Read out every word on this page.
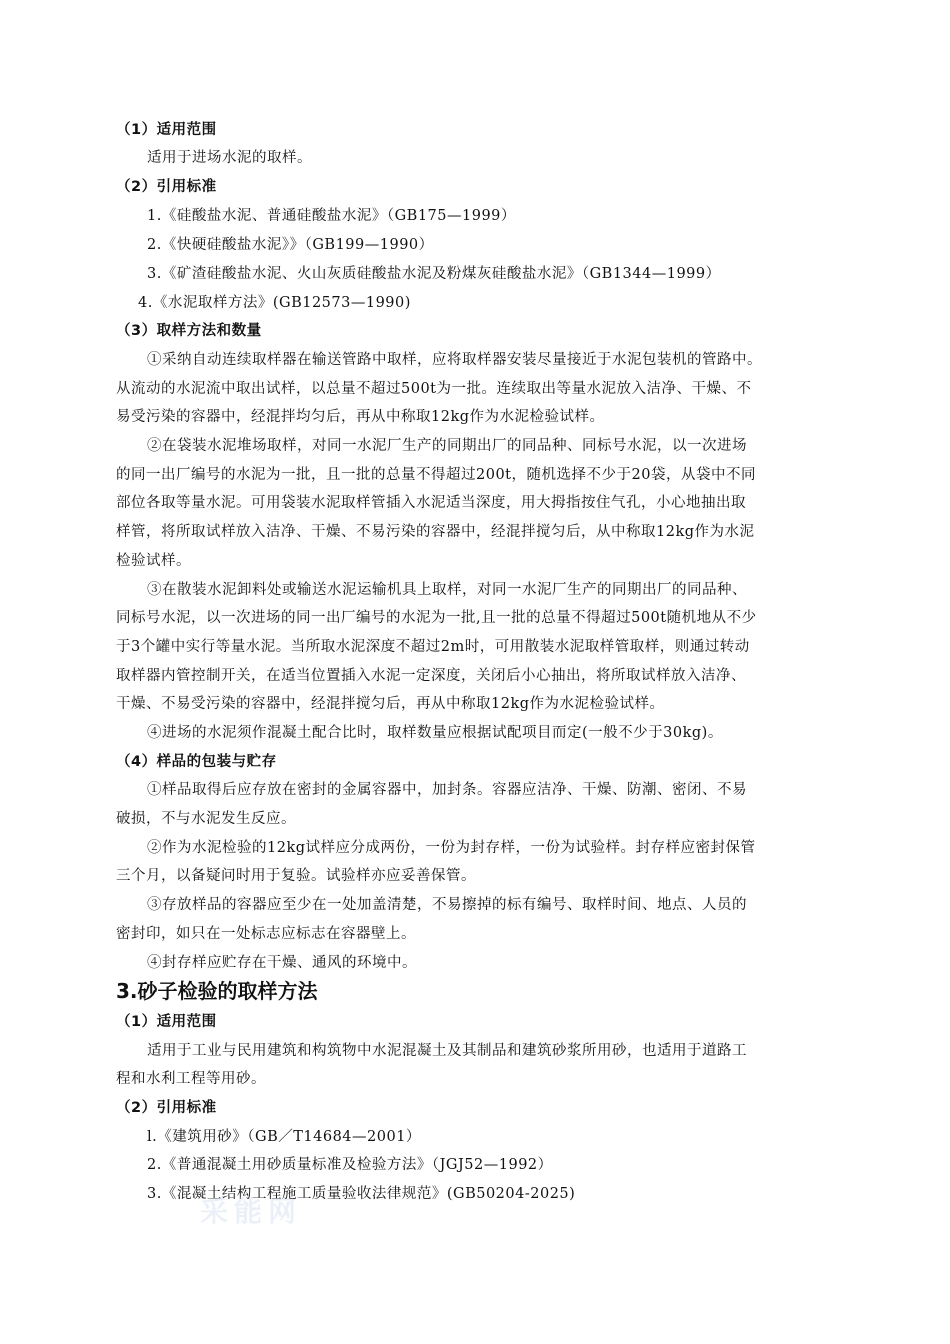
（1）适用范围
适用于进场水泥的取样。
（2）引用标准
1.《硅酸盐水泥、普通硅酸盐水泥》（GB175—1999）
2.《快硬硅酸盐水泥》》（GB199—1990）
3.《矿渣硅酸盐水泥、火山灰质硅酸盐水泥及粉煤灰硅酸盐水泥》（GB1344—1999）
4.《水泥取样方法》(GB12573—1990)
（3）取样方法和数量
①采纳自动连续取样器在输送管路中取样，应将取样器安装尽量接近于水泥包装机的管路中。
从流动的水泥流中取出试样，以总量不超过500t为一批。连续取出等量水泥放入洁净、干燥、不
易受污染的容器中，经混拌均匀后，再从中称取12kg作为水泥检验试样。
②在袋装水泥堆场取样，对同一水泥厂生产的同期出厂的同品种、同标号水泥，以一次进场
的同一出厂编号的水泥为一批，且一批的总量不得超过200t，随机选择不少于20袋，从袋中不同
部位各取等量水泥。可用袋装水泥取样管插入水泥适当深度，用大拇指按住气孔，小心地抽出取
样管，将所取试样放入洁净、干燥、不易污染的容器中，经混拌搅匀后，从中称取12kg作为水泥
检验试样。
③在散装水泥卸料处或输送水泥运输机具上取样，对同一水泥厂生产的同期出厂的同品种、
同标号水泥，以一次进场的同一出厂编号的水泥为一批,且一批的总量不得超过500t随机地从不少
于3个罐中实行等量水泥。当所取水泥深度不超过2m时，可用散装水泥取样管取样，则通过转动
取样器内管控制开关，在适当位置插入水泥一定深度，关闭后小心抽出，将所取试样放入洁净、
干燥、不易受污染的容器中，经混拌搅匀后，再从中称取12kg作为水泥检验试样。
④进场的水泥须作混凝土配合比时，取样数量应根据试配项目而定(一般不少于30kg)。
（4）样品的包装与贮存
①样品取得后应存放在密封的金属容器中，加封条。容器应洁净、干燥、防潮、密闭、不易
破损，不与水泥发生反应。
②作为水泥检验的12kg试样应分成两份，一份为封存样，一份为试验样。封存样应密封保管
三个月，以备疑问时用于复验。试验样亦应妥善保管。
③存放样品的容器应至少在一处加盖清楚，不易擦掉的标有编号、取样时间、地点、人员的
密封印，如只在一处标志应标志在容器壁上。
④封存样应贮存在干燥、通风的环境中。
3.砂子检验的取样方法
（1）适用范围
适用于工业与民用建筑和构筑物中水泥混凝土及其制品和建筑砂浆所用砂，也适用于道路工
程和水利工程等用砂。
（2）引用标准
l.《建筑用砂》（GB／T14684—2001）
2.《普通混凝土用砂质量标准及检验方法》（JGJ52—1992）
3.《混凝土结构工程施工质量验收法律规范》(GB50204-2025)
采能网
